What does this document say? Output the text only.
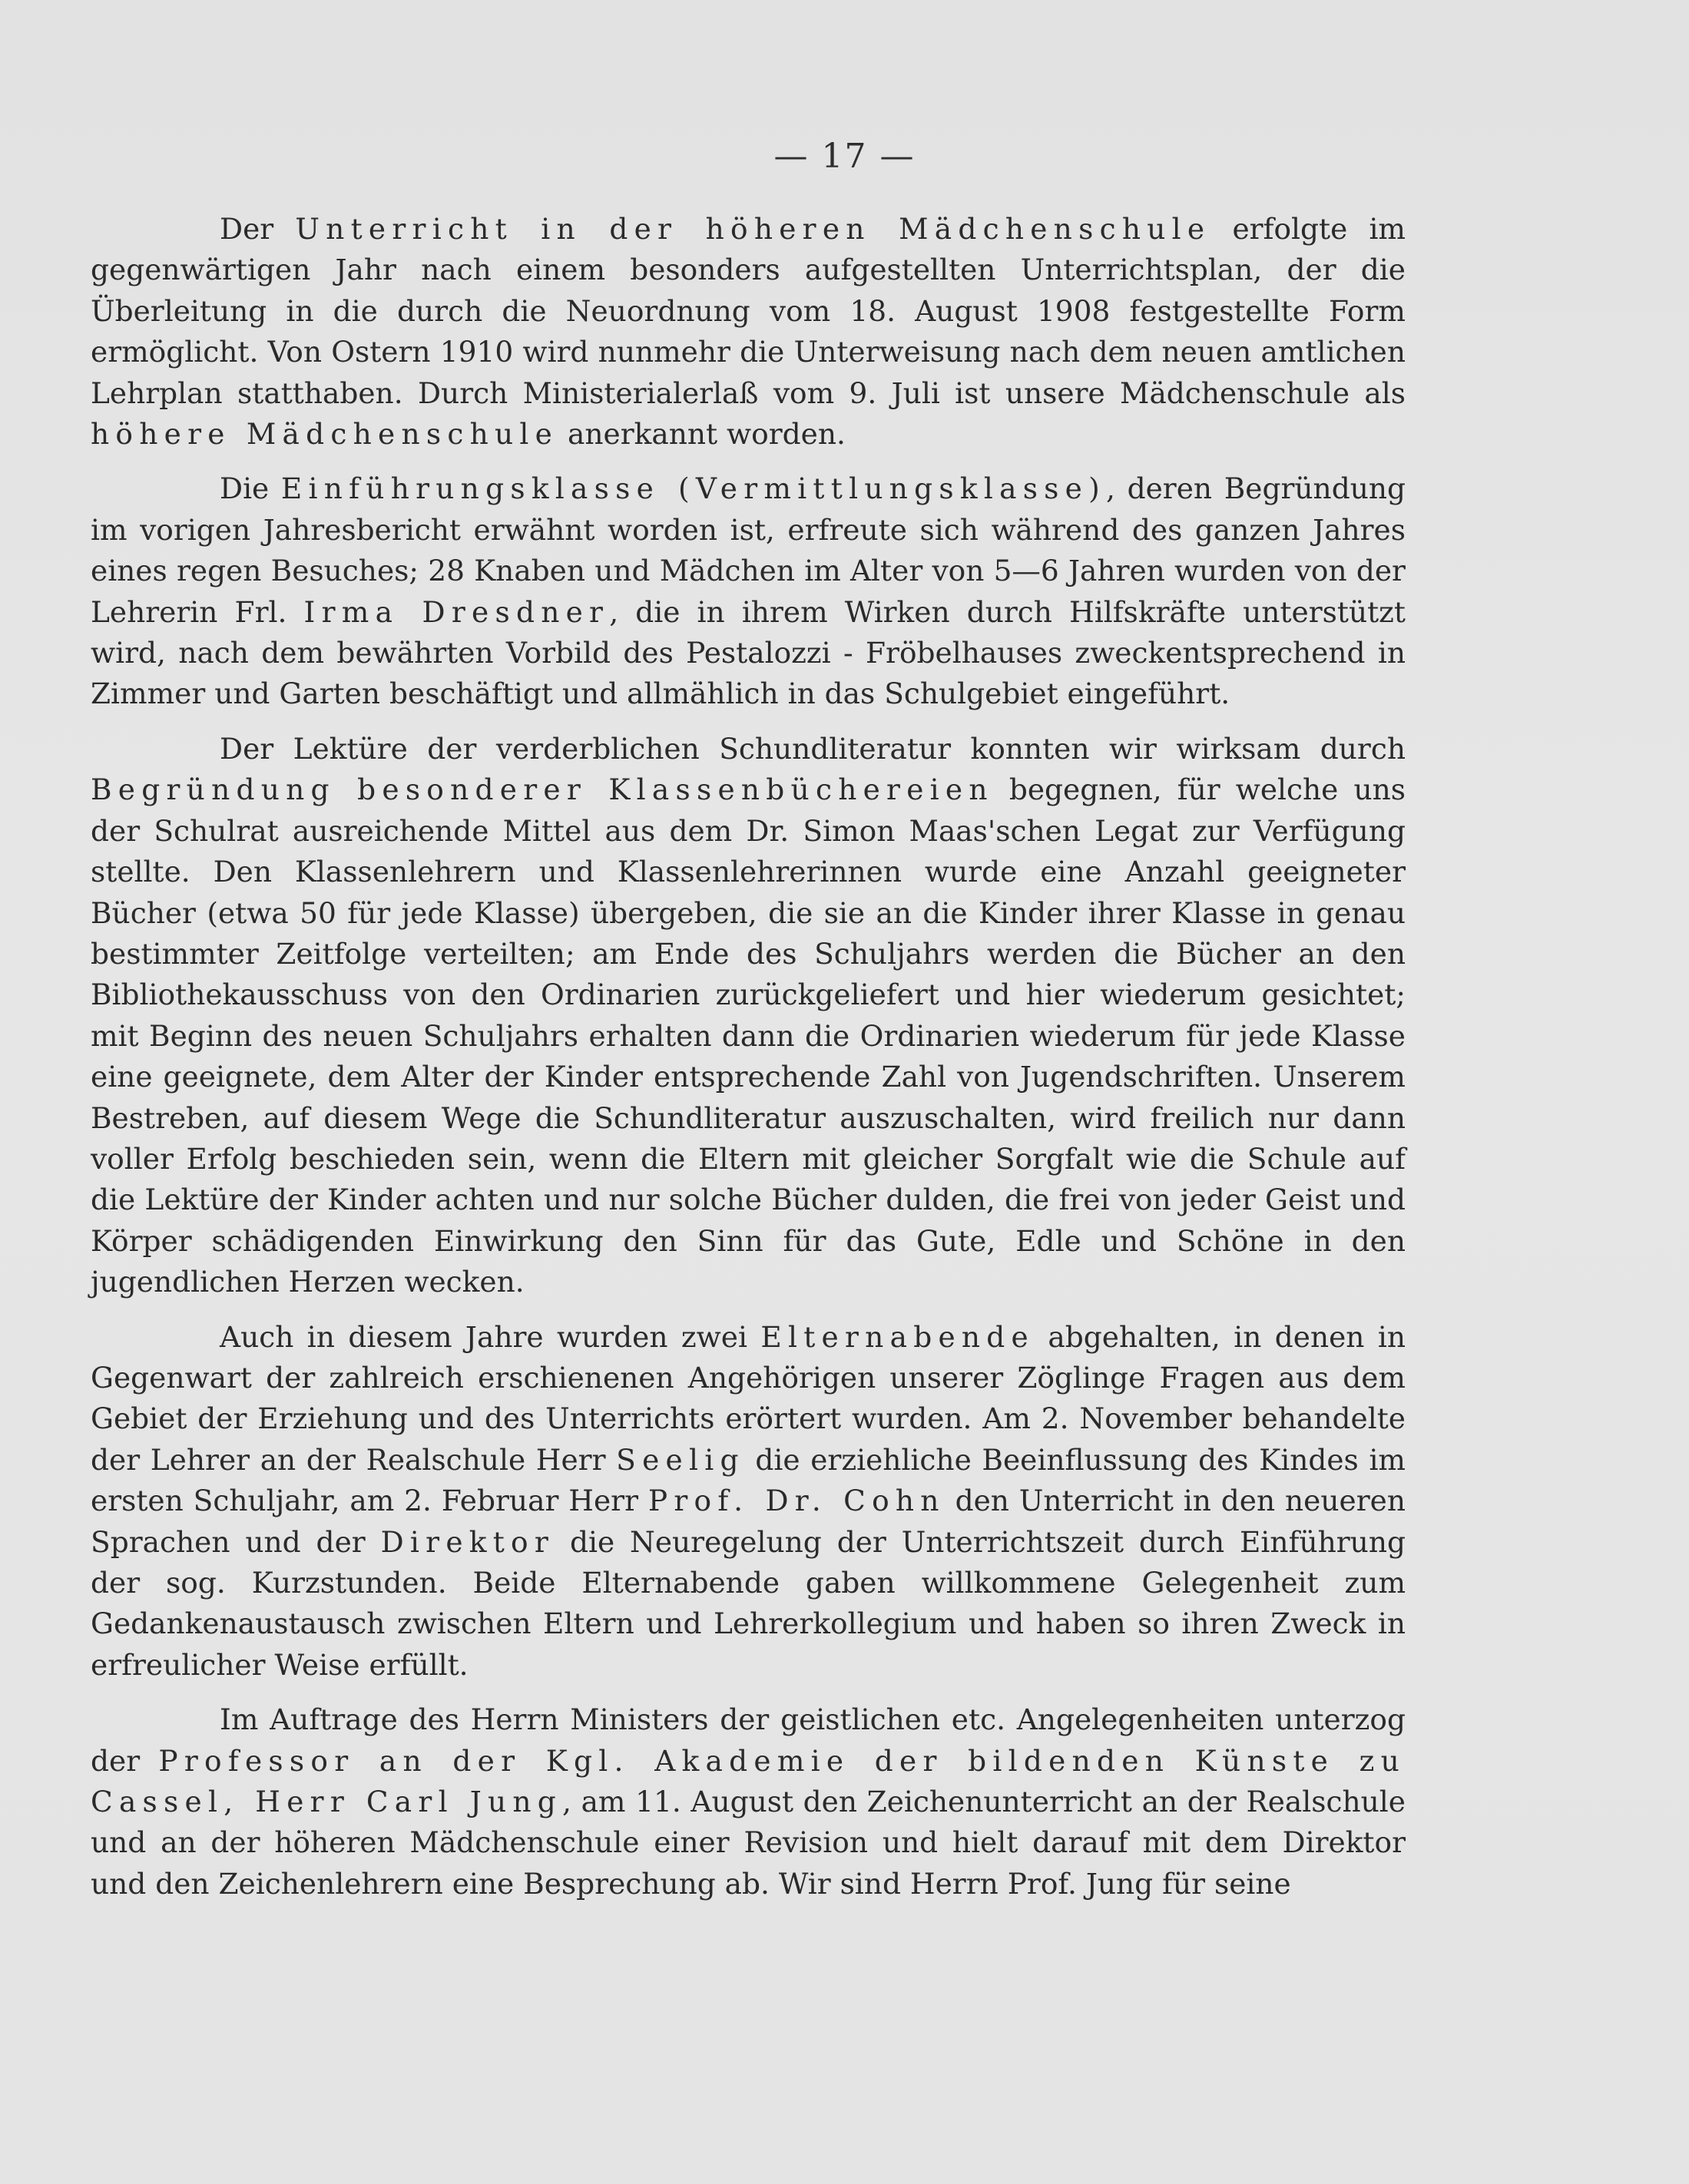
— 17 —

Der Unterricht in der höheren Mädchenschule erfolgte im gegenwärtigen Jahr nach einem besonders aufgestellten Unterrichtsplan, der die Überleitung in die durch die Neuordnung vom 18. August 1908 festgestellte Form ermöglicht. Von Ostern 1910 wird nunmehr die Unterweisung nach dem neuen amtlichen Lehrplan statthaben. Durch Ministerialerlaß vom 9. Juli ist unsere Mädchenschule als höhere Mädchenschule anerkannt worden.

Die Einführungsklasse (Vermittlungsklasse), deren Begründung im vorigen Jahresbericht erwähnt worden ist, erfreute sich während des ganzen Jahres eines regen Besuches; 28 Knaben und Mädchen im Alter von 5—6 Jahren wurden von der Lehrerin Frl. Irma Dresdner, die in ihrem Wirken durch Hilfskräfte unterstützt wird, nach dem bewährten Vorbild des Pestalozzi - Fröbelhauses zweckentsprechend in Zimmer und Garten beschäftigt und allmählich in das Schulgebiet eingeführt.

Der Lektüre der verderblichen Schundliteratur konnten wir wirksam durch Begründung besonderer Klassenbüchereien begegnen, für welche uns der Schulrat ausreichende Mittel aus dem Dr. Simon Maas'schen Legat zur Verfügung stellte. Den Klassenlehrern und Klassenlehrerinnen wurde eine Anzahl geeigneter Bücher (etwa 50 für jede Klasse) übergeben, die sie an die Kinder ihrer Klasse in genau bestimmter Zeitfolge verteilten; am Ende des Schuljahrs werden die Bücher an den Bibliothekausschuss von den Ordinarien zurückgeliefert und hier wiederum gesichtet; mit Beginn des neuen Schuljahrs erhalten dann die Ordinarien wiederum für jede Klasse eine geeignete, dem Alter der Kinder entsprechende Zahl von Jugendschriften. Unserem Bestreben, auf diesem Wege die Schundliteratur auszuschalten, wird freilich nur dann voller Erfolg beschieden sein, wenn die Eltern mit gleicher Sorgfalt wie die Schule auf die Lektüre der Kinder achten und nur solche Bücher dulden, die frei von jeder Geist und Körper schädigenden Einwirkung den Sinn für das Gute, Edle und Schöne in den jugendlichen Herzen wecken.

Auch in diesem Jahre wurden zwei Elternabende abgehalten, in denen in Gegenwart der zahlreich erschienenen Angehörigen unserer Zöglinge Fragen aus dem Gebiet der Erziehung und des Unterrichts erörtert wurden. Am 2. November behandelte der Lehrer an der Realschule Herr Seelig die erziehliche Beeinflussung des Kindes im ersten Schuljahr, am 2. Februar Herr Prof. Dr. Cohn den Unterricht in den neueren Sprachen und der Direktor die Neuregelung der Unterrichtszeit durch Einführung der sog. Kurzstunden. Beide Elternabende gaben willkommene Gelegenheit zum Gedankenaustausch zwischen Eltern und Lehrerkollegium und haben so ihren Zweck in erfreulicher Weise erfüllt.

Im Auftrage des Herrn Ministers der geistlichen etc. Angelegenheiten unterzog der Professor an der Kgl. Akademie der bildenden Künste zu Cassel, Herr Carl Jung, am 11. August den Zeichenunterricht an der Realschule und an der höheren Mädchenschule einer Revision und hielt darauf mit dem Direktor und den Zeichenlehrern eine Besprechung ab. Wir sind Herrn Prof. Jung für seine
